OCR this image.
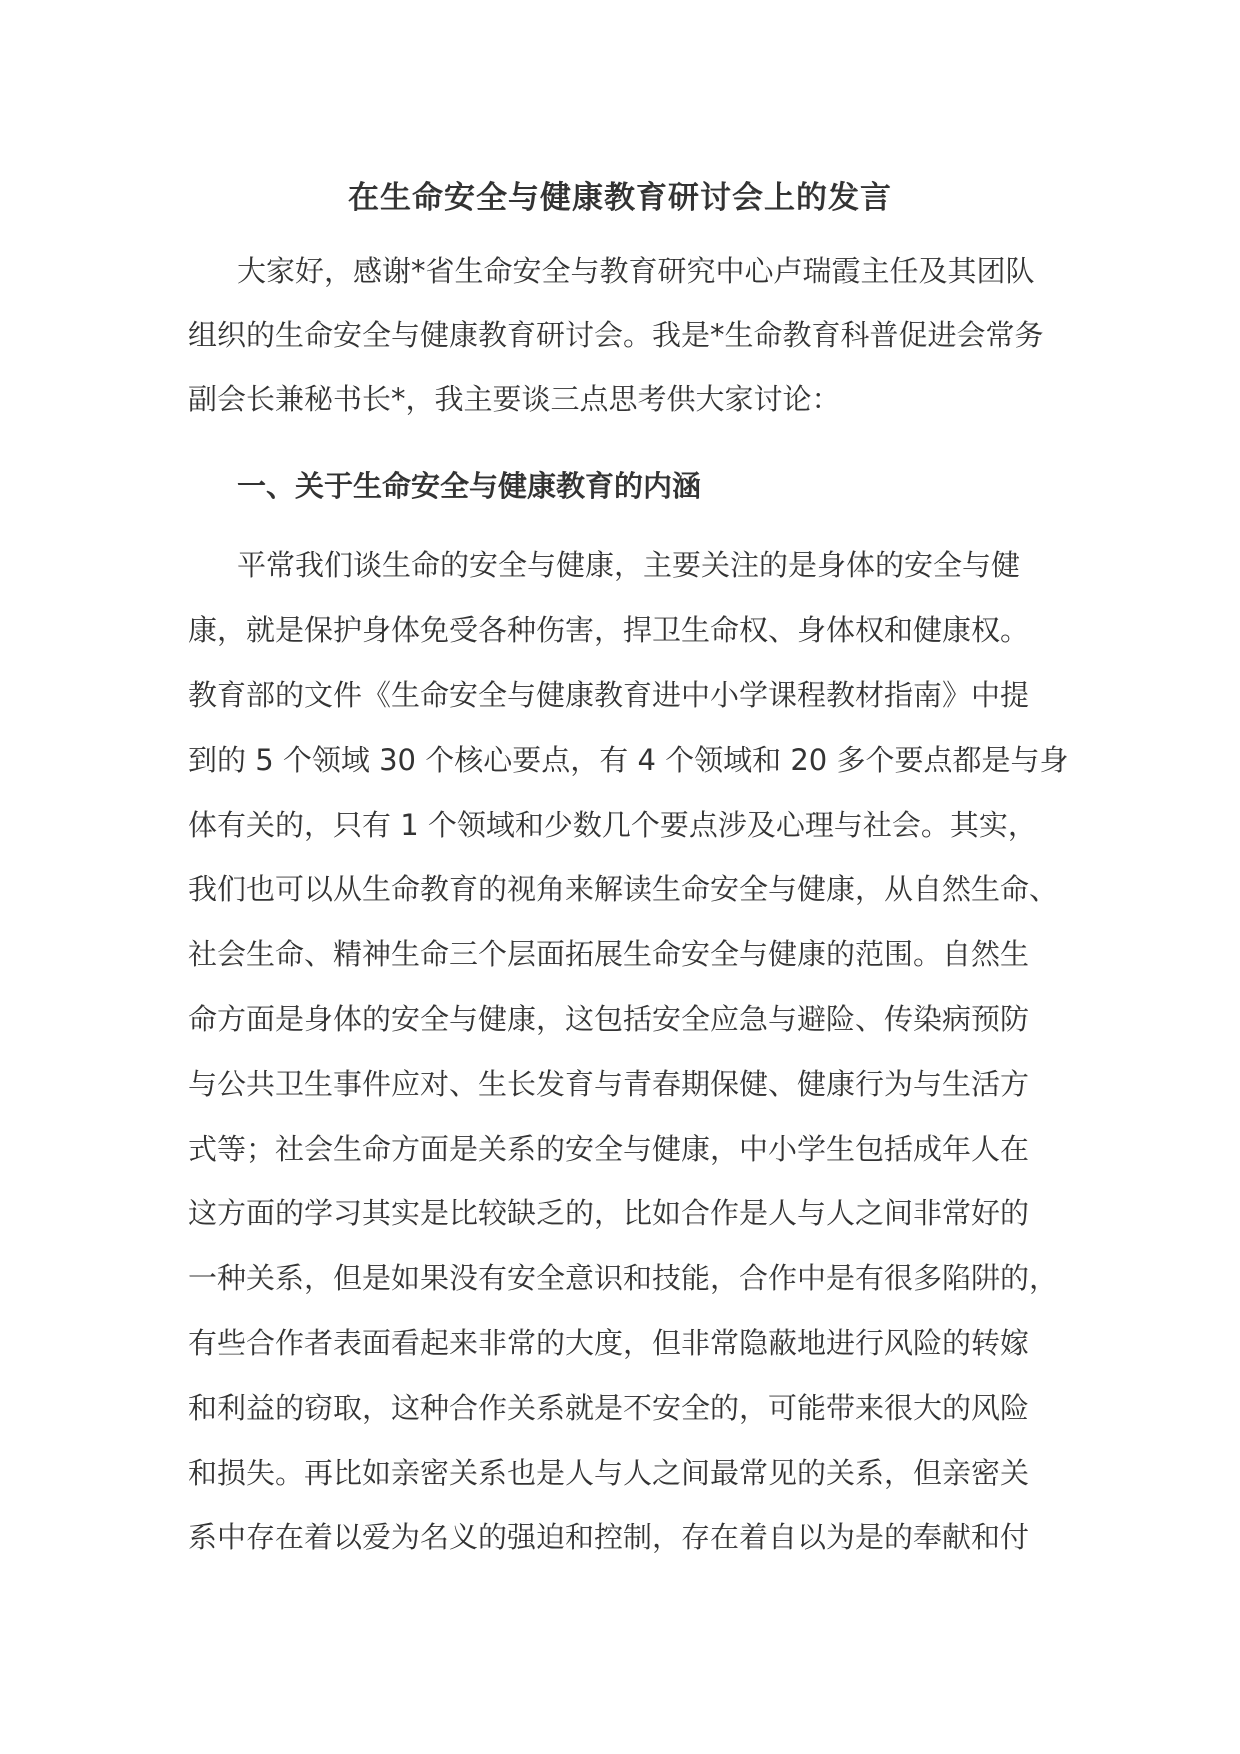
在生命安全与健康教育研讨会上的发言

大家好，感谢*省生命安全与教育研究中心卢瑞霞主任及其团队

组织的生命安全与健康教育研讨会。我是*生命教育科普促进会常务

副会长兼秘书长*，我主要谈三点思考供大家讨论：

一、关于生命安全与健康教育的内涵

平常我们谈生命的安全与健康，主要关注的是身体的安全与健

康，就是保护身体免受各种伤害，捍卫生命权、身体权和健康权。

教育部的文件《生命安全与健康教育进中小学课程教材指南》中提

到的 5 个领域 30 个核心要点，有 4 个领域和 20 多个要点都是与身

体有关的，只有 1 个领域和少数几个要点涉及心理与社会。其实，

我们也可以从生命教育的视角来解读生命安全与健康，从自然生命、

社会生命、精神生命三个层面拓展生命安全与健康的范围。自然生

命方面是身体的安全与健康，这包括安全应急与避险、传染病预防

与公共卫生事件应对、生长发育与青春期保健、健康行为与生活方

式等；社会生命方面是关系的安全与健康，中小学生包括成年人在

这方面的学习其实是比较缺乏的，比如合作是人与人之间非常好的

一种关系，但是如果没有安全意识和技能，合作中是有很多陷阱的，

有些合作者表面看起来非常的大度，但非常隐蔽地进行风险的转嫁

和利益的窃取，这种合作关系就是不安全的，可能带来很大的风险

和损失。再比如亲密关系也是人与人之间最常见的关系，但亲密关

系中存在着以爱为名义的强迫和控制，存在着自以为是的奉献和付
